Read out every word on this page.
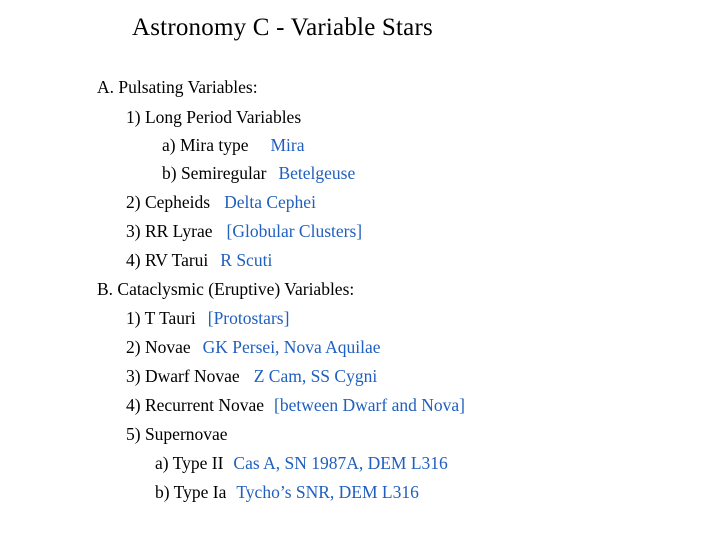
Astronomy C - Variable Stars
A. Pulsating Variables:
1) Long Period Variables
a) Mira type Mira
b) Semiregular Betelgeuse
2) Cepheids Delta Cephei
3) RR Lyrae [Globular Clusters]
4) RV Tarui R Scuti
B. Cataclysmic (Eruptive) Variables:
1) T Tauri [Protostars]
2) Novae GK Persei, Nova Aquilae
3) Dwarf Novae Z Cam, SS Cygni
4) Recurrent Novae [between Dwarf and Nova]
5) Supernovae
a) Type II Cas A, SN 1987A, DEM L316
b) Type Ia Tycho’s SNR, DEM L316
